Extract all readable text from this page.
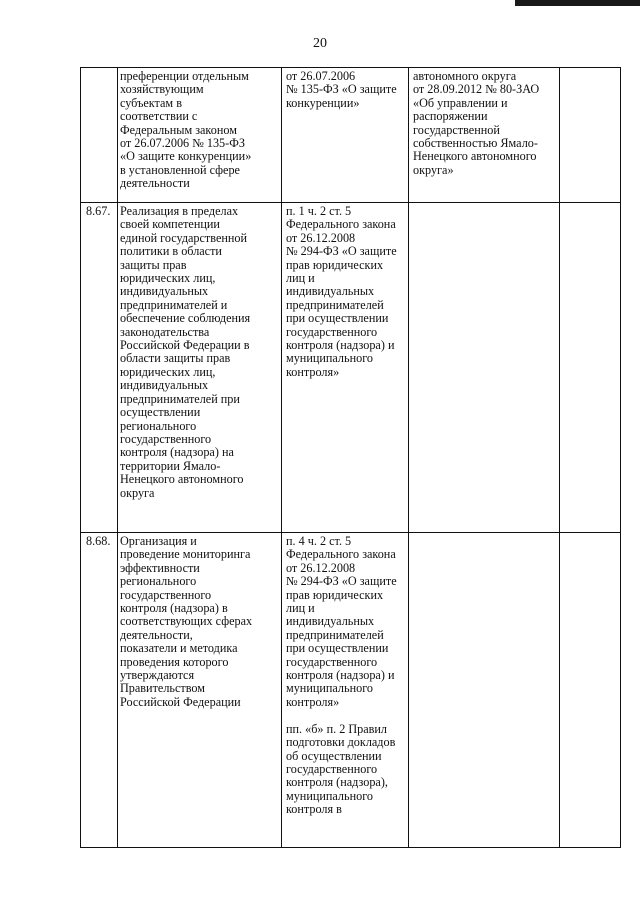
20
преференции отдельным
хозяйствующим
субъектам в
соответствии с
Федеральным законом
от 26.07.2006 № 135-ФЗ
«О защите конкуренции»
в установленной сфере
деятельности
от 26.07.2006
№ 135-ФЗ «О защите
конкуренции»
автономного округа
от 28.09.2012 № 80-ЗАО
«Об управлении и
распоряжении
государственной
собственностью Ямало-
Ненецкого автономного
округа»
8.67. Реализация в пределах
своей компетенции
единой государственной
политики в области
защиты прав
юридических лиц,
индивидуальных
предпринимателей и
обеспечение соблюдения
законодательства
Российской Федерации в
области защиты прав
юридических лиц,
индивидуальных
предпринимателей при
осуществлении
регионального
государственного
контроля (надзора) на
территории Ямало-
Ненецкого автономного
округа
п. 1 ч. 2 ст. 5
Федерального закона
от 26.12.2008
№ 294-ФЗ «О защите
прав юридических
лиц и
индивидуальных
предпринимателей
при осуществлении
государственного
контроля (надзора) и
муниципального
контроля»
8.68. Организация и
проведение мониторинга
эффективности
регионального
государственного
контроля (надзора) в
соответствующих сферах
деятельности,
показатели и методика
проведения которого
утверждаются
Правительством
Российской Федерации
п. 4 ч. 2 ст. 5
Федерального закона
от 26.12.2008
№ 294-ФЗ «О защите
прав юридических
лиц и
индивидуальных
предпринимателей
при осуществлении
государственного
контроля (надзора) и
муниципального
контроля»

пп. «б» п. 2 Правил
подготовки докладов
об осуществлении
государственного
контроля (надзора),
муниципального
контроля в
